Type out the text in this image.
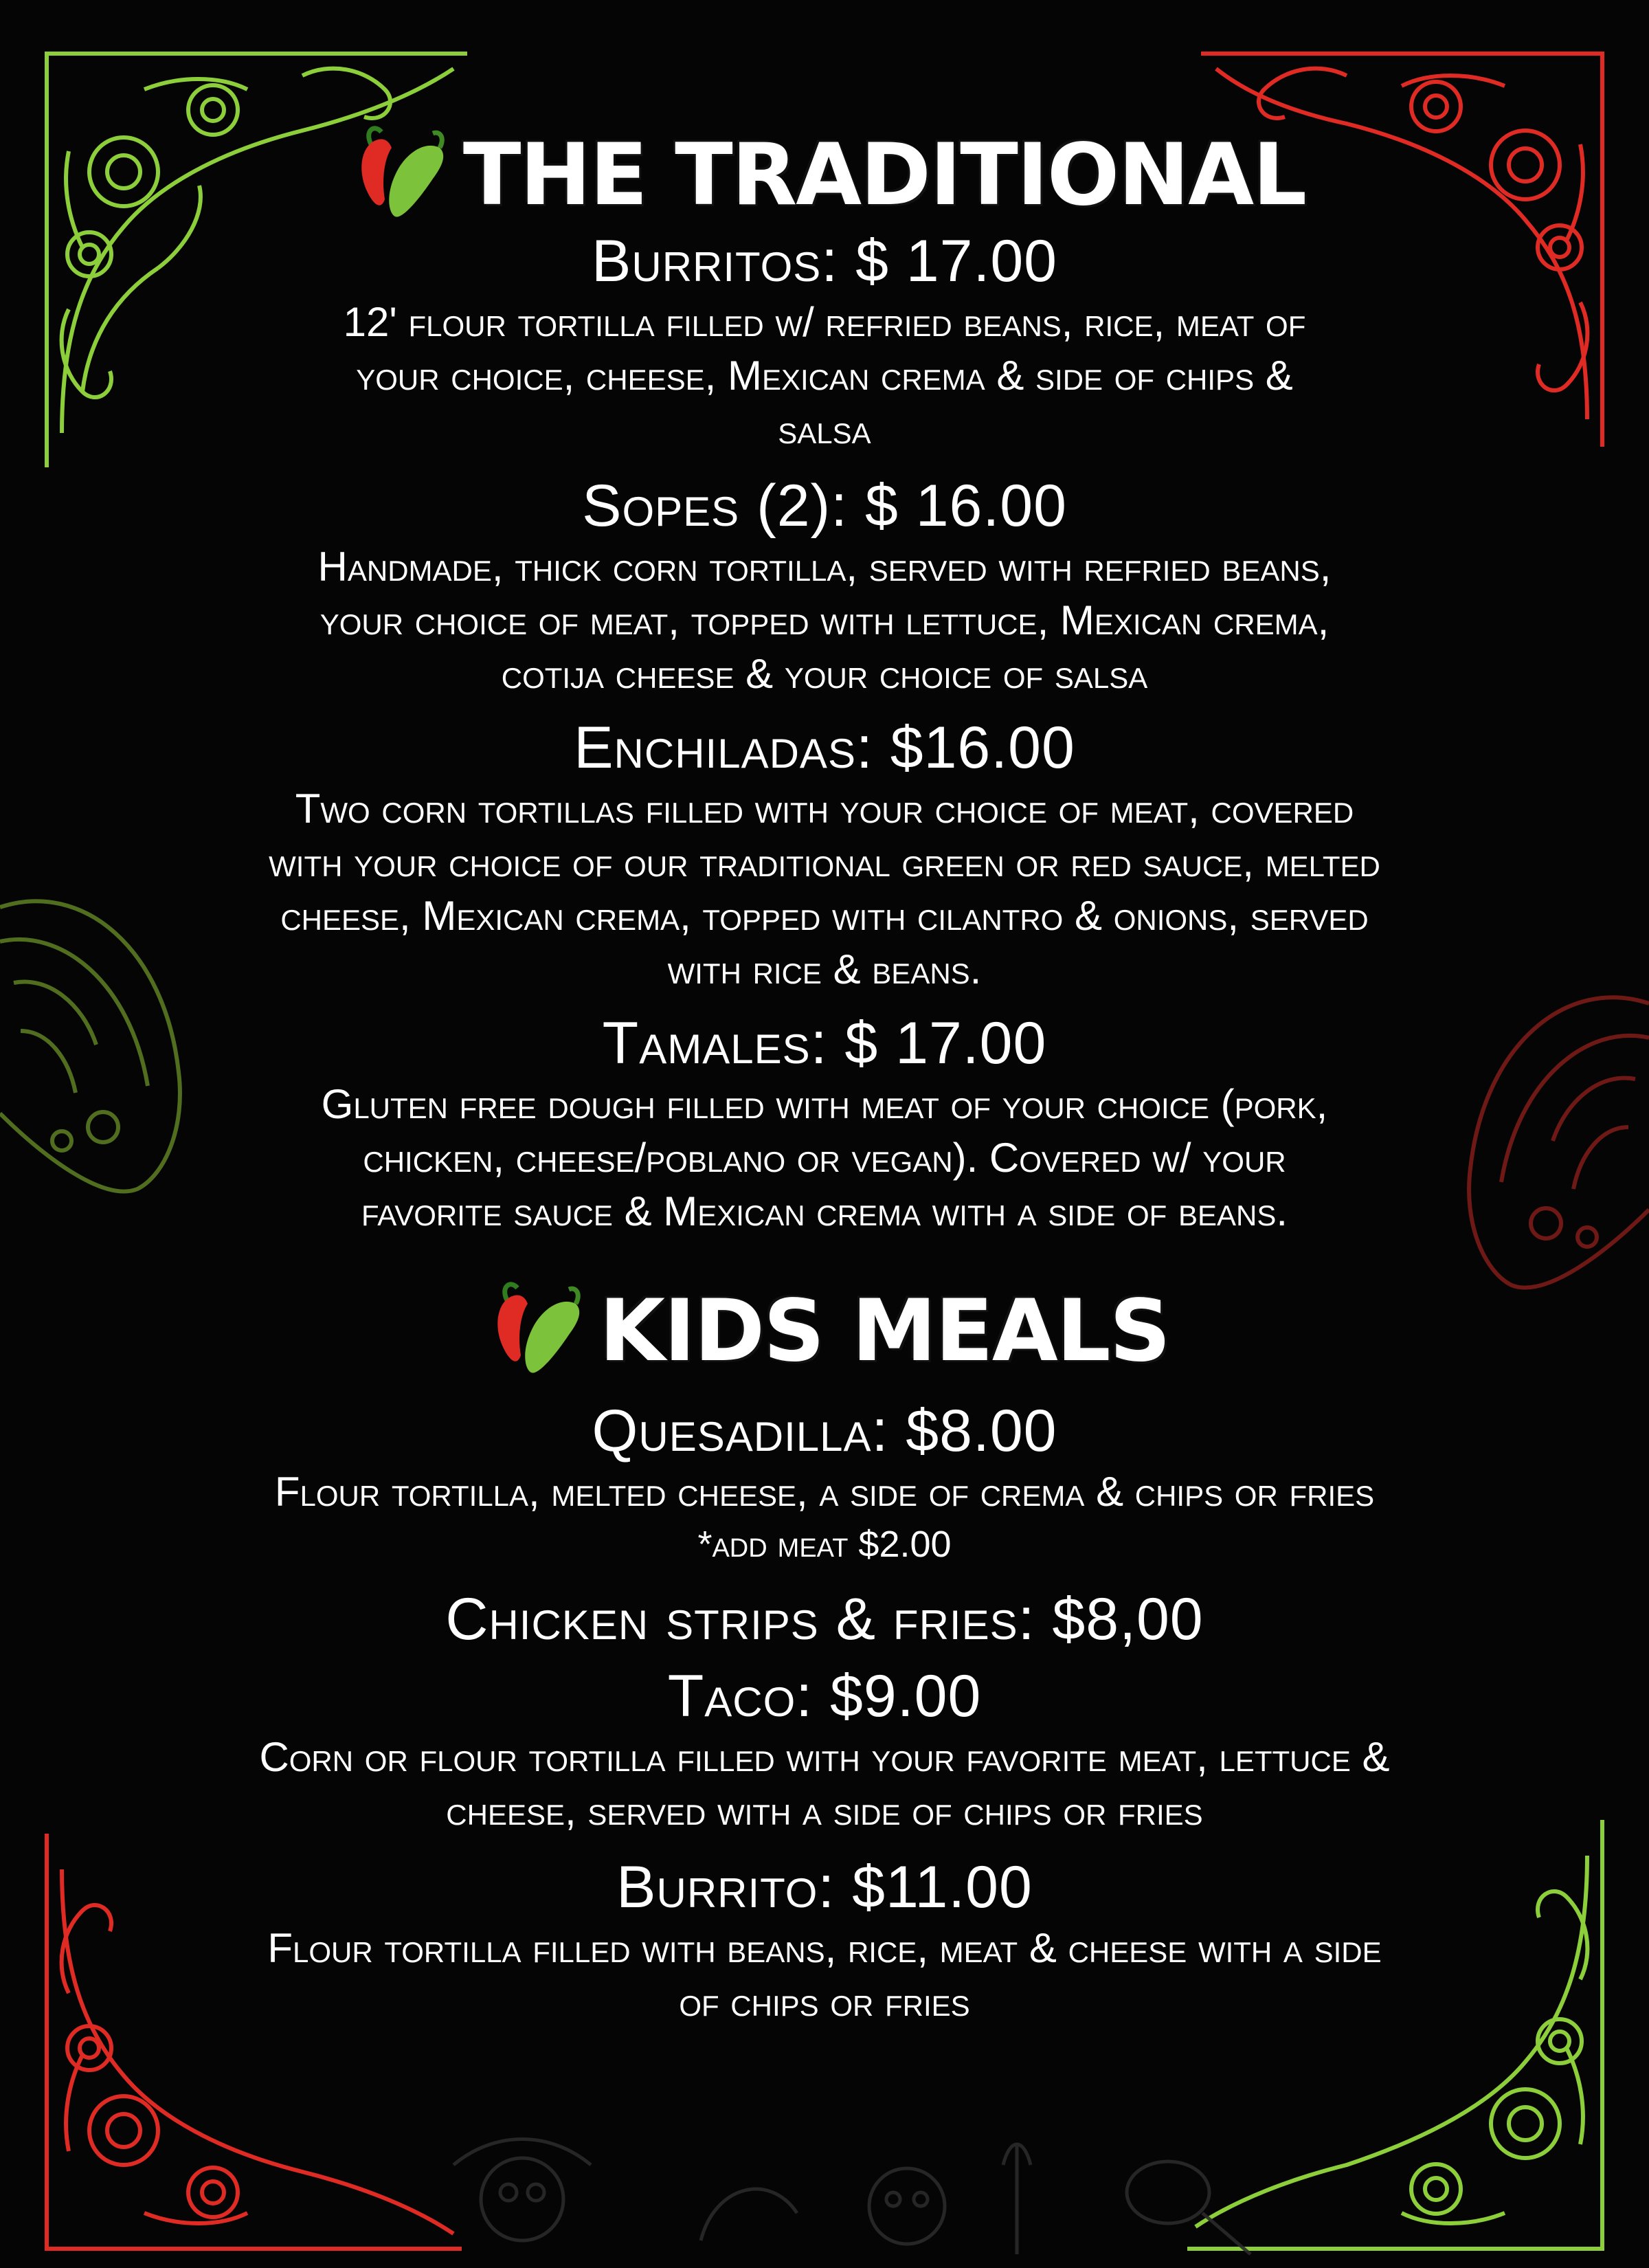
THE TRADITIONAL
Burritos: $ 17.00
12' flour tortilla filled w/ refried beans, rice, meat of your choice, cheese, Mexican crema & side of chips & salsa
Sopes (2): $ 16.00
Handmade, thick corn tortilla, served with refried beans, your choice of meat, topped with lettuce, Mexican crema, cotija cheese & your choice of salsa
Enchiladas: $16.00
Two corn tortillas filled with your choice of meat, covered with your choice of our traditional green or red sauce, melted cheese, Mexican crema, topped with cilantro & onions, served with rice & beans.
Tamales: $ 17.00
Gluten free dough filled with meat of your choice (pork, chicken, cheese/poblano or vegan). Covered w/ your favorite sauce & Mexican crema with a side of beans.
KIDS MEALS
Quesadilla: $8.00
Flour tortilla, melted cheese, a side of crema & chips or fries
*add meat $2.00
Chicken strips & fries: $8,00
Taco: $9.00
Corn or flour tortilla filled with your favorite meat, lettuce & cheese, served with a side of chips or fries
Burrito: $11.00
Flour tortilla filled with beans, rice, meat & cheese with a side of chips or fries
